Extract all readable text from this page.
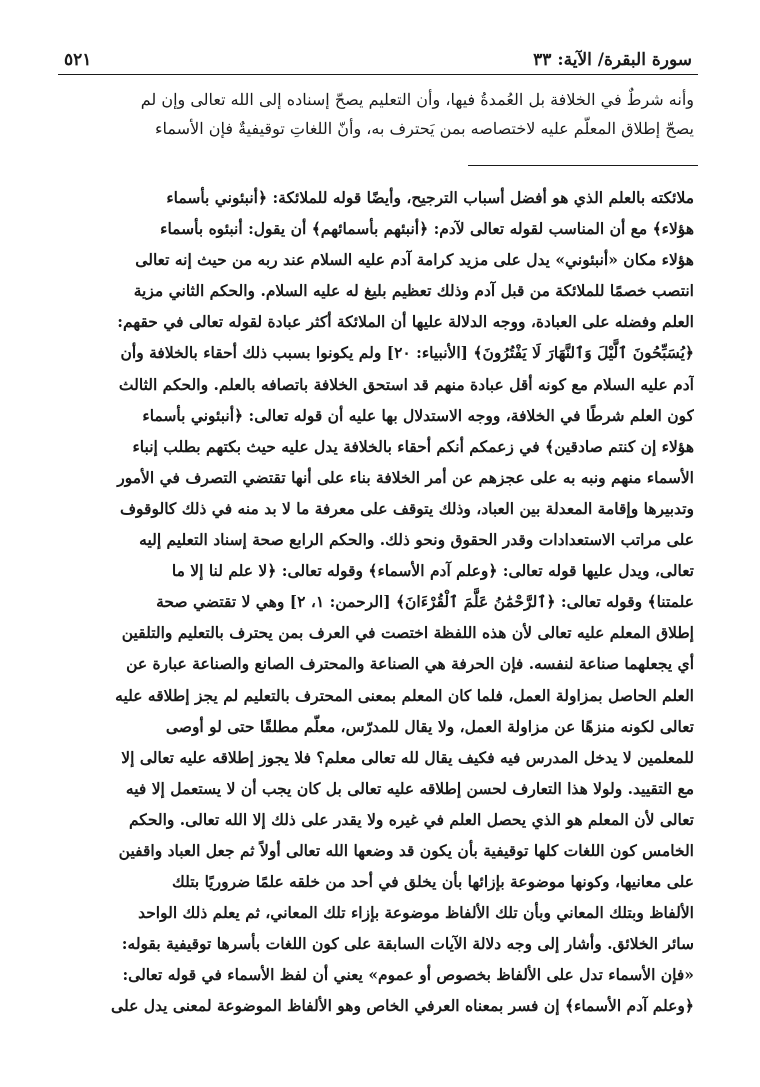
سورة البقرة/ الآية: ٣٣
٥٢١
وأنه شرطٌ في الخلافة بل العُمدةُ فيها، وأن التعليم يصحّ إسناده إلى الله تعالى وإن لم
يصحّ إطلاق المعلّم عليه لاختصاصه بمن يَحترف به، وأنّ اللغاتِ توقيفيةٌ فإن الأسماء
ملائكته بالعلم الذي هو أفضل أسباب الترجيح، وأيضًا قوله للملائكة: ﴿أنبئوني بأسماء
هؤلاء﴾ مع أن المناسب لقوله تعالى لآدم: ﴿أنبئهم بأسمائهم﴾ أن يقول: أنبئوه بأسماء
هؤلاء مكان «أنبئوني» يدل على مزيد كرامة آدم عليه السلام عند ربه من حيث إنه تعالى
انتصب خصمًا للملائكة من قبل آدم وذلك تعظيم بليغ له عليه السلام. والحكم الثاني مزية
العلم وفضله على العبادة، ووجه الدلالة عليها أن الملائكة أكثر عبادة لقوله تعالى في حقهم:
﴿يُسَبِّحُونَ ٱلَّيْلَ وَٱلنَّهَارَ لَا يَفْتُرُونَ﴾ [الأنبياء: ٢٠] ولم يكونوا بسبب ذلك أحقاء بالخلافة وأن
آدم عليه السلام مع كونه أقل عبادة منهم قد استحق الخلافة باتصافه بالعلم. والحكم الثالث
كون العلم شرطًا في الخلافة، ووجه الاستدلال بها عليه أن قوله تعالى: ﴿أنبئوني بأسماء
هؤلاء إن كنتم صادقين﴾ في زعمكم أنكم أحقاء بالخلافة يدل عليه حيث بكتهم بطلب إنباء
الأسماء منهم ونبه به على عجزهم عن أمر الخلافة بناء على أنها تقتضي التصرف في الأمور
وتدبيرها وإقامة المعدلة بين العباد، وذلك يتوقف على معرفة ما لا بد منه في ذلك كالوقوف
على مراتب الاستعدادات وقدر الحقوق ونحو ذلك. والحكم الرابع صحة إسناد التعليم إليه
تعالى، ويدل عليها قوله تعالى: ﴿وعلم آدم الأسماء﴾ وقوله تعالى: ﴿لا علم لنا إلا ما
علمتنا﴾ وقوله تعالى: ﴿ٱلرَّحْمَٰنُ عَلَّمَ ٱلْقُرْءَانَ﴾ [الرحمن: ١، ٢] وهي لا تقتضي صحة
إطلاق المعلم عليه تعالى لأن هذه اللفظة اختصت في العرف بمن يحترف بالتعليم والتلقين
أي يجعلهما صناعة لنفسه. فإن الحرفة هي الصناعة والمحترف الصانع والصناعة عبارة عن
العلم الحاصل بمزاولة العمل، فلما كان المعلم بمعنى المحترف بالتعليم لم يجز إطلاقه عليه
تعالى لكونه منزهًا عن مزاولة العمل، ولا يقال للمدرّس، معلّم مطلقًا حتى لو أوصى
للمعلمين لا يدخل المدرس فيه فكيف يقال لله تعالى معلم؟ فلا يجوز إطلاقه عليه تعالى إلا
مع التقييد. ولولا هذا التعارف لحسن إطلاقه عليه تعالى بل كان يجب أن لا يستعمل إلا فيه
تعالى لأن المعلم هو الذي يحصل العلم في غيره ولا يقدر على ذلك إلا الله تعالى. والحكم
الخامس كون اللغات كلها توقيفية بأن يكون قد وضعها الله تعالى أولاً ثم جعل العباد واقفين
على معانيها، وكونها موضوعة بإزائها بأن يخلق في أحد من خلقه علمًا ضروريًا بتلك
الألفاظ وبتلك المعاني وبأن تلك الألفاظ موضوعة بإزاء تلك المعاني، ثم يعلم ذلك الواحد
سائر الخلائق. وأشار إلى وجه دلالة الآيات السابقة على كون اللغات بأسرها توقيفية بقوله:
«فإن الأسماء تدل على الألفاظ بخصوص أو عموم» يعني أن لفظ الأسماء في قوله تعالى:
﴿وعلم آدم الأسماء﴾ إن فسر بمعناه العرفي الخاص وهو الألفاظ الموضوعة لمعنى يدل على
